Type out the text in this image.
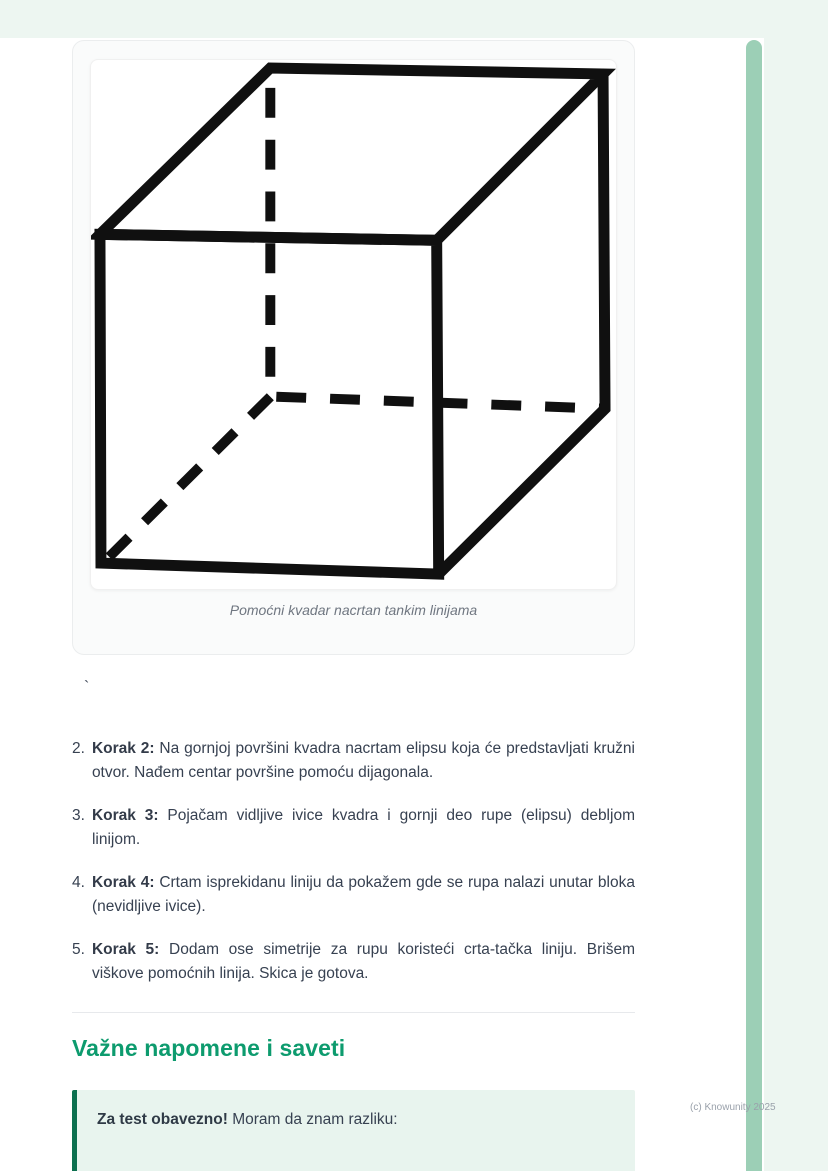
Pomoćni kvadar nacrtan tankim linijama
`
2. Korak 2: Na gornjoj površini kvadra nacrtam elipsu koja će predstavljati kružni otvor. Nađem centar površine pomoću dijagonala.

3. Korak 3: Pojačam vidljive ivice kvadra i gornji deo rupe (elipsu) debljom linijom.

4. Korak 4: Crtam isprekidanu liniju da pokažem gde se rupa nalazi unutar bloka (nevidljive ivice).

5. Korak 5: Dodam ose simetrije za rupu koristeći crta-tačka liniju. Brišem viškove pomoćnih linija. Skica je gotova.

Važne napomene i saveti

Za test obavezno! Moram da znam razliku:

(c) Knowunity 2025
